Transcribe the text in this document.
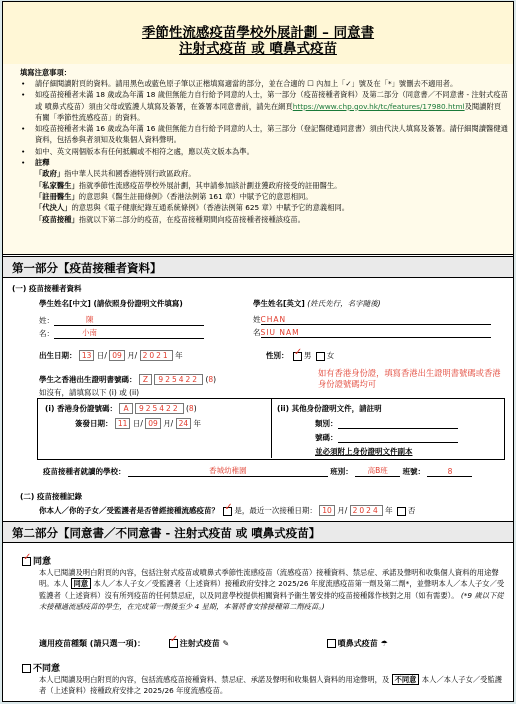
季節性流感疫苗學校外展計劃 – 同意書
注射式疫苗 或 噴鼻式疫苗
填寫注意事項：
• 請仔細閱讀附頁的資料。請用黑色或藍色原子筆以正楷填寫適當的部分，並在合適的 ☐ 內加上「✓」號及在「*」號刪去不適用者。
• 如疫苗接種者未滿 18 歲或為年滿 18 歲但無能力自行給予同意的人士，第一部分（疫苗接種者資料）及第二部分（同意書／不同意書 - 注射式疫苗 或 噴鼻式疫苗）須由父母或監護人填寫及簽署，在簽署本同意書前，請先在網頁https://www.chp.gov.hk/tc/features/17980.html及閱讀附頁有關「季節性流感疫苗」的資料。
• 如疫苗接種者未滿 16 歲或為年滿 16 歲但無能力自行給予同意的人士，第三部分（登記醫健通同意書）須由代決人填寫及簽署。請仔細閱讀醫健通資料，包括參與者須知及收集個人資料聲明。
• 如中、英文兩個版本有任何抵觸或不相符之處，應以英文版本為準。
• 註釋
「政府」指中華人民共和國香港特別行政區政府。
「私家醫生」指就季節性流感疫苗學校外展計劃，其申請參加該計劃並獲政府接受的註冊醫生。
「註冊醫生」的意思與《醫生註冊條例》（香港法例第 161 章）中賦予它的意思相同。
「代決人」的意思與《電子健康紀錄互通系統條例》（香港法例第 625 章）中賦予它的意義相同。
「疫苗接種」指就以下第二部分的疫苗，在疫苗接種期間向疫苗接種者接種該疫苗。
第一部分【疫苗接種者資料】
(一) 疫苗接種者資料
學生姓名[中文] (請依照身份證明文件填寫)	學生姓名[英文] (姓氏先行，名字隨後)
姓：	陳
名：	小南
姓CHAN
名SIU NAM
出生日期： 13 日/ 09 月/ 2021 年	性別： ✓ 男 女
學生之香港出生證明書號碼： Z 925422 (8)
如沒有，請填寫以下 (i) 或 (ii)
如有香港身份證，填寫香港出生證明書號碼或香港身份證號碼均可
(i) 香港身份證號碼： A 925422 (8)
簽發日期： 11 日/ 09 月/ 24 年
(ii) 其他身份證明文件，請註明
類別：
號碼：
並必須附上身份證明文件副本
疫苗接種者就讀的學校：	香城幼稚園	班別： 高B班 班號：	8
(二) 疫苗接種記錄
你本人／你的子女／受監護者是否曾經接種流感疫苗？ ✓ 是，最近一次接種日期： 10 月/ 2024 年 否
第二部分【同意書／不同意書 - 注射式疫苗 或 噴鼻式疫苗】
✓ 同意
本人已閱讀及明白附頁的內容，包括注射式疫苗或噴鼻式季節性流感疫苗（流感疫苗）接種資料、禁忌症、承諾及聲明和收集個人資料的用途聲明。本人 同意 本人／本人子女／受監護者（上述資料）接種政府安排之 2025/26 年度流感疫苗第一劑及第二劑*，並聲明本人／本人子女／受監護者（上述資料）沒有所列疫苗的任何禁忌症，以及同意學校提供相關資料予衞生署安排的疫苗接種隊作核對之用（如有需要）。 (*9 歲以下從未接種過流感疫苗的學生，在完成第一劑後至少 4 星期，本署將會安排接種第二劑疫苗。)
適用疫苗種類 (請只選一項)： ✓ 注射式疫苗 ✎	噴鼻式疫苗 ☂
不同意
本人已閱讀及明白附頁的內容，包括流感疫苗接種資料、禁忌症、承諾及聲明和收集個人資料的用途聲明，及 不同意 本人／本人子女／受監護者（上述資料）接種政府安排之 2025/26 年度流感疫苗。
